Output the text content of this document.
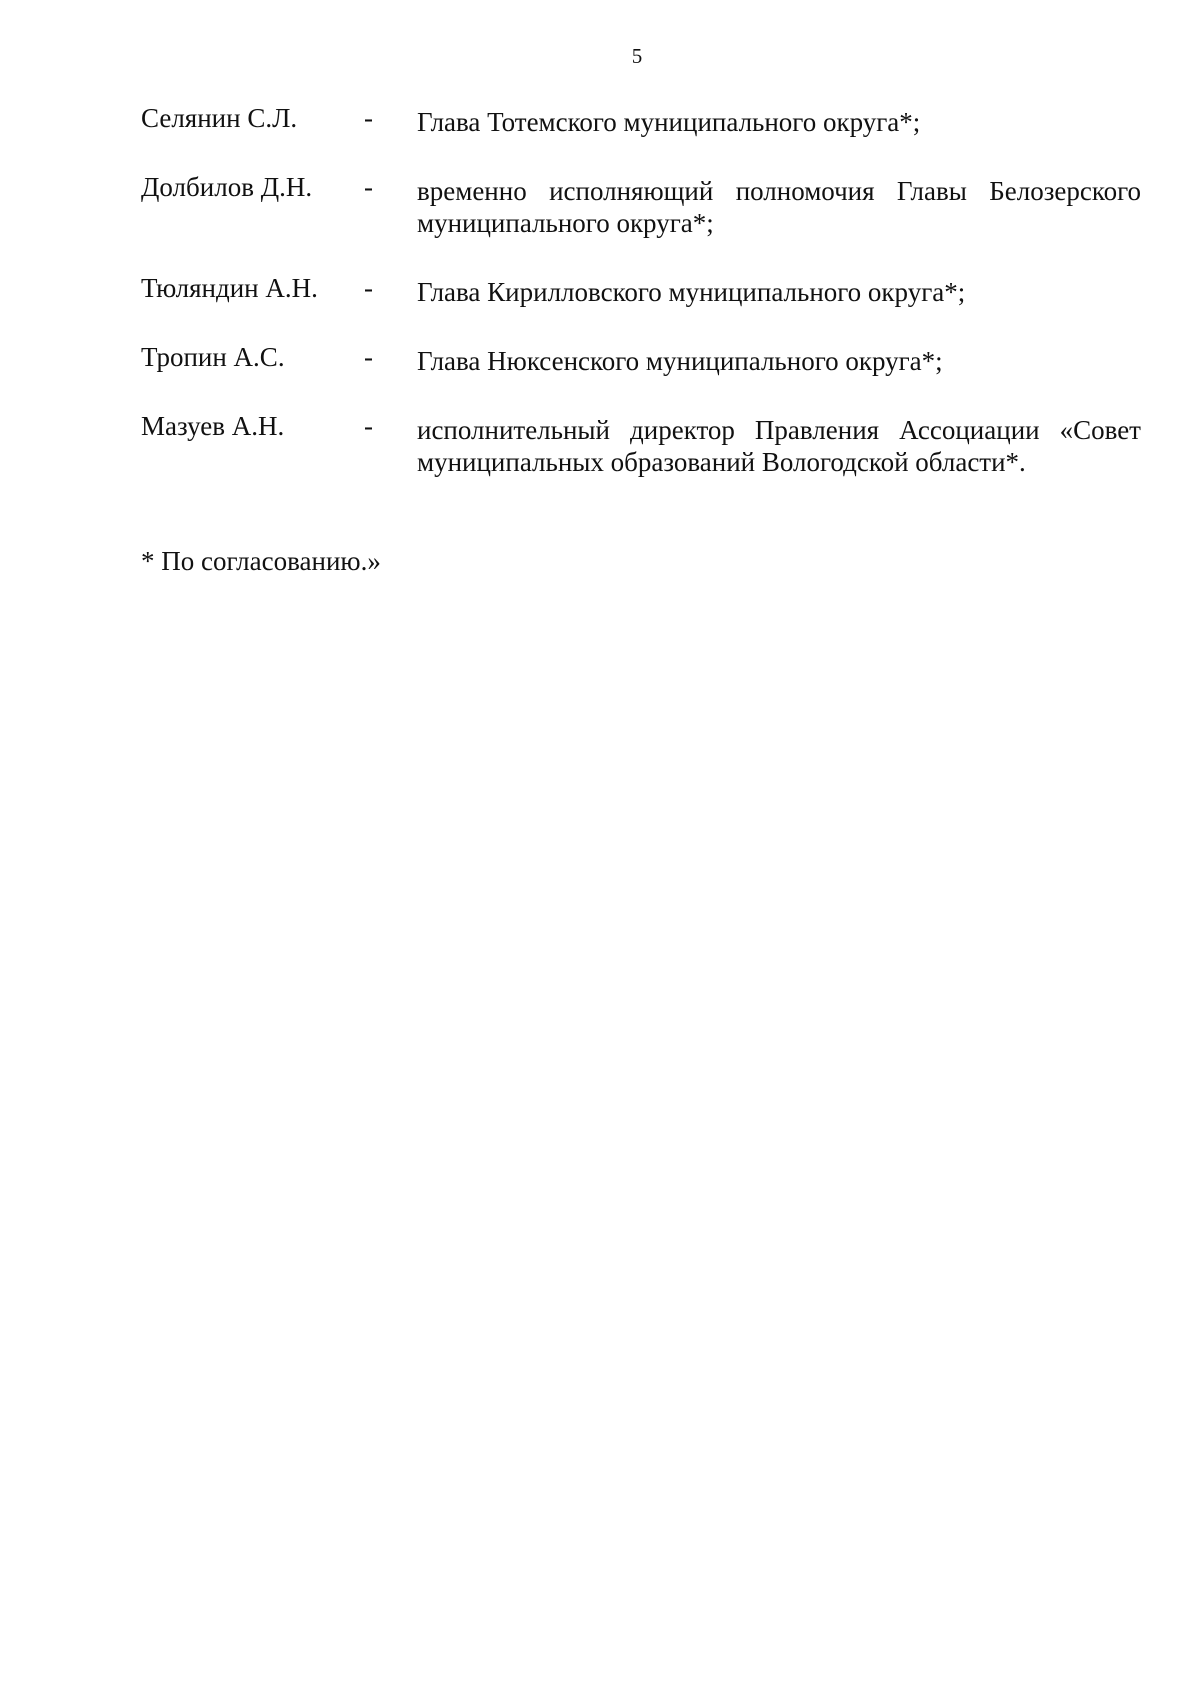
5
Селянин С.Л.	-	Глава Тотемского муниципального округа*;
Долбилов Д.Н.	-	временно исполняющий полномочия Главы Белозерского муниципального округа*;
Тюляндин А.Н.	-	Глава Кирилловского муниципального округа*;
Тропин А.С.	-	Глава Нюксенского муниципального округа*;
Мазуев А.Н.	-	исполнительный директор Правления Ассоциации «Совет муниципальных образований Вологодской области*.
* По согласованию.»
